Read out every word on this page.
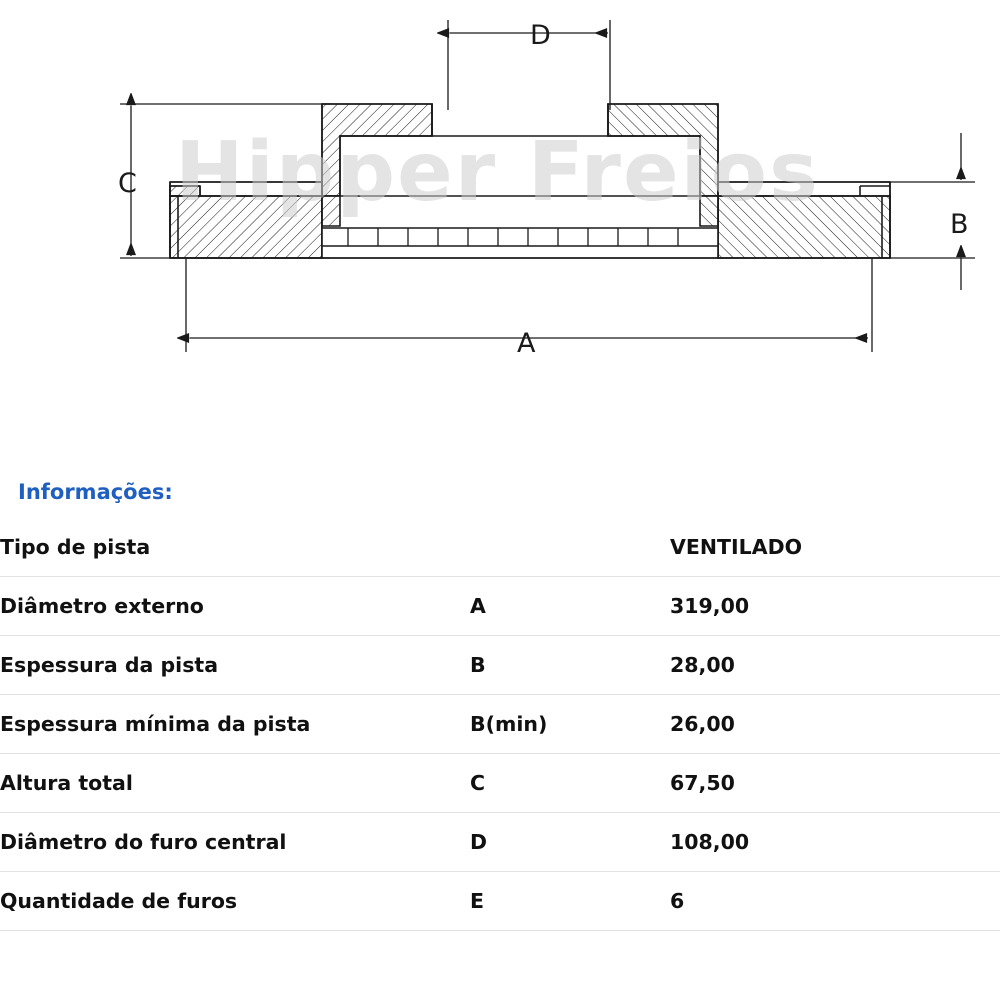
Hipper Freios
D
C
B
A
Informações:
Tipo de pista		VENTILADO
Diâmetro externo	A	319,00
Espessura da pista	B	28,00
Espessura mínima da pista	B(min)	26,00
Altura total	C	67,50
Diâmetro do furo central	D	108,00
Quantidade de furos	E	6
